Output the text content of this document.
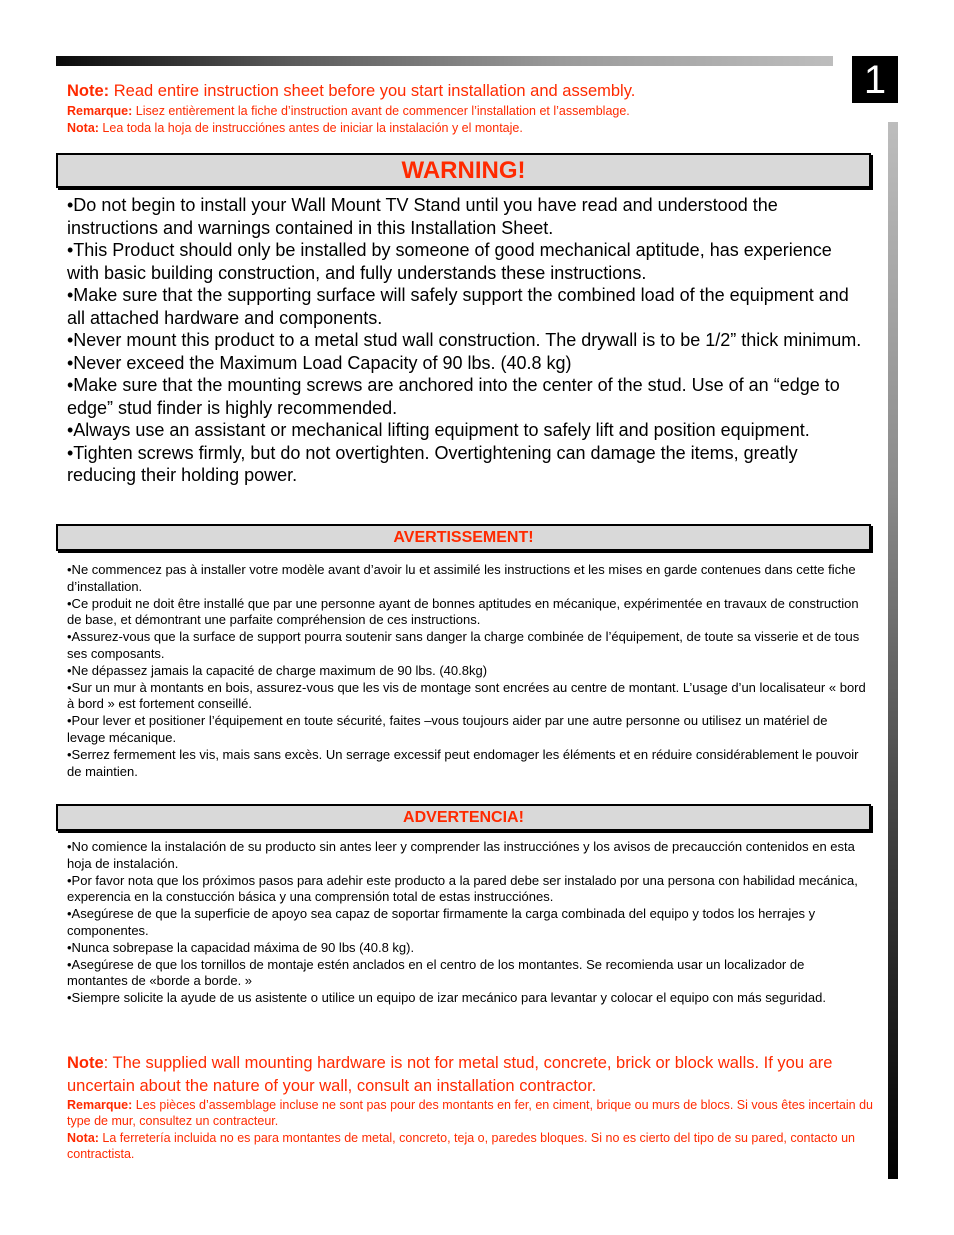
1
Note: Read entire instruction sheet before you start installation and assembly.
Remarque: Lisez entièrement la fiche d’instruction avant de commencer l’installation et l’assemblage.
Nota: Lea toda la hoja de instrucciónes antes de iniciar la instalación y el montaje.
WARNING!
•Do not begin to install your Wall Mount TV Stand until you have read and understood the instructions and warnings contained in this Installation Sheet.
•This Product should only be installed by someone of good mechanical aptitude, has experience with basic building construction, and fully understands these instructions.
•Make sure that the supporting surface will safely support the combined load of the equipment and all attached hardware and components.
•Never mount this product to a metal stud wall construction. The drywall is to be 1/2” thick minimum.
•Never exceed the Maximum Load Capacity of 90 lbs. (40.8 kg)
•Make sure that the mounting screws are anchored into the center of the stud. Use of an “edge to edge” stud finder is highly recommended.
•Always use an assistant or mechanical lifting equipment to safely lift and position equipment.
•Tighten screws firmly, but do not overtighten. Overtightening can damage the items, greatly reducing their holding power.
AVERTISSEMENT!
•Ne commencez pas à installer votre modèle avant d’avoir lu et assimilé les instructions et les mises en garde contenues dans cette fiche d’installation.
•Ce produit ne doit être installé que par une personne ayant de bonnes aptitudes en mécanique, expérimentée en travaux de construction de base, et démontrant une parfaite compréhension de ces instructions.
•Assurez-vous que la surface de support pourra soutenir sans danger la charge combinée de l’équipement, de toute sa visserie et de tous ses composants.
•Ne dépassez jamais la capacité de charge maximum de 90 lbs. (40.8kg)
•Sur un mur à montants en bois, assurez-vous que les vis de montage sont encrées au centre de montant. L’usage d’un localisateur « bord à bord » est fortement conseillé.
•Pour lever et positioner l’équipement en toute sécurité, faites –vous toujours aider par une autre personne ou utilisez un matériel de levage mécanique.
•Serrez fermement les vis, mais sans excès. Un serrage excessif peut endomager les éléments et en réduire considérablement le pouvoir de maintien.
ADVERTENCIA!
•No comience la instalación de su producto sin antes leer y comprender las instrucciónes y los avisos de precaucción contenidos en esta hoja de instalación.
•Por favor nota que los próximos pasos para adehir este producto a la pared debe ser instalado por una persona con habilidad mecánica, experencia en la constucción básica y una comprensión total de estas instrucciónes.
•Asegúrese de que la superficie de apoyo sea capaz de soportar firmamente la carga combinada del equipo y todos los herrajes y componentes.
•Nunca sobrepase la capacidad máxima de 90 lbs (40.8 kg).
•Asegúrese de que los tornillos de montaje estén anclados en el centro de los montantes. Se recomienda usar un localizador de montantes de «borde a borde. »
•Siempre solicite la ayude de us asistente o utilice un equipo de izar mecánico para levantar y colocar el equipo con más seguridad.
Note: The supplied wall mounting hardware is not for metal stud, concrete, brick or block walls. If you are uncertain about the nature of your wall, consult an installation contractor.
Remarque: Les pièces d’assemblage incluse ne sont pas pour des montants en fer, en ciment, brique ou murs de blocs. Si vous êtes incertain du type de mur, consultez un contracteur.
Nota: La ferretería incluida no es para montantes de metal, concreto, teja o, paredes bloques. Si no es cierto del tipo de su pared, contacto un contractista.
